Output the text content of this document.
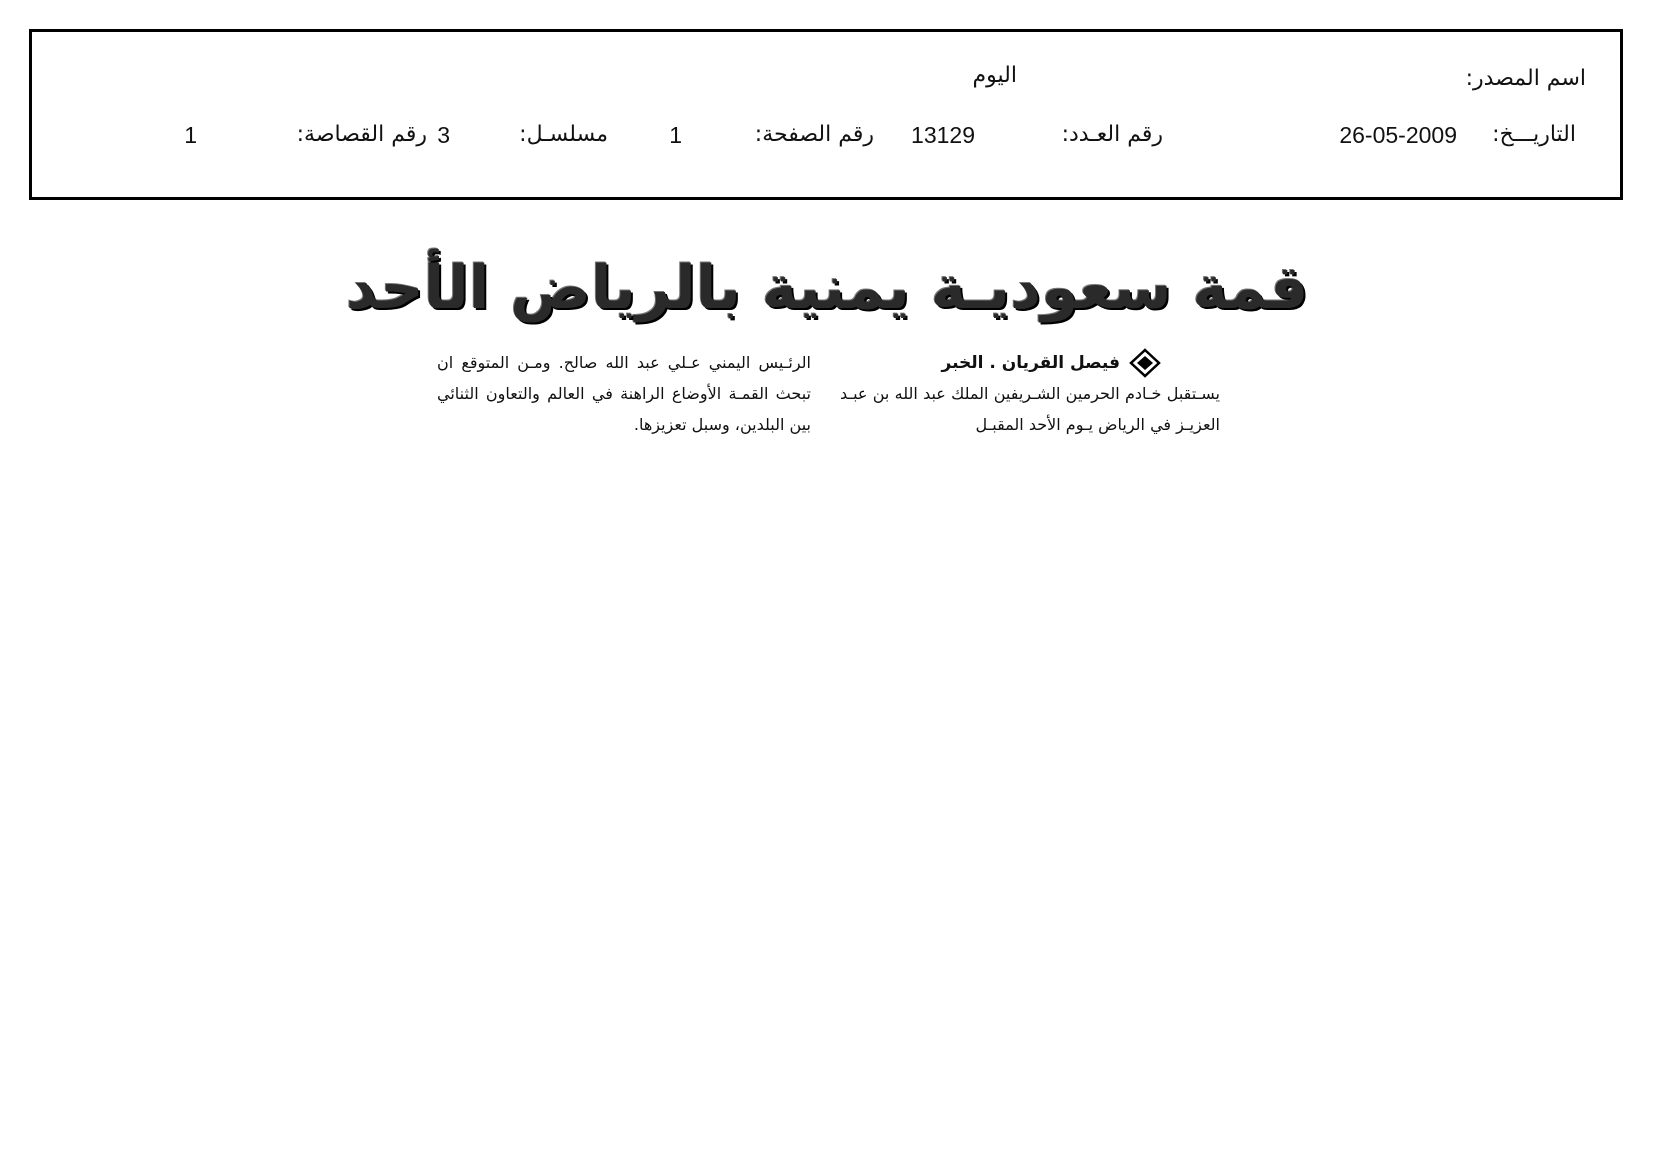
اسم المصدر:
اليوم
التاريـــخ:
26-05-2009
رقم العـدد:
13129
رقم الصفحة:
1
مسلسـل:
3
رقم القصاصة:
1
قمة سعوديـة يمنية بالرياض الأحد
فيصل القريان . الخبر
يسـتقبل خـادم الحرمين الشـريفين الملك عبد الله بن عبـد العزيـز في الرياض يـوم الأحد المقبـل
الرئـيس اليمني عـلي عبد الله صالح. ومـن المتوقع ان تبحث القمـة الأوضاع الراهنة في العالم والتعاون الثنائي بين البلدين، وسبل تعزيزها.
